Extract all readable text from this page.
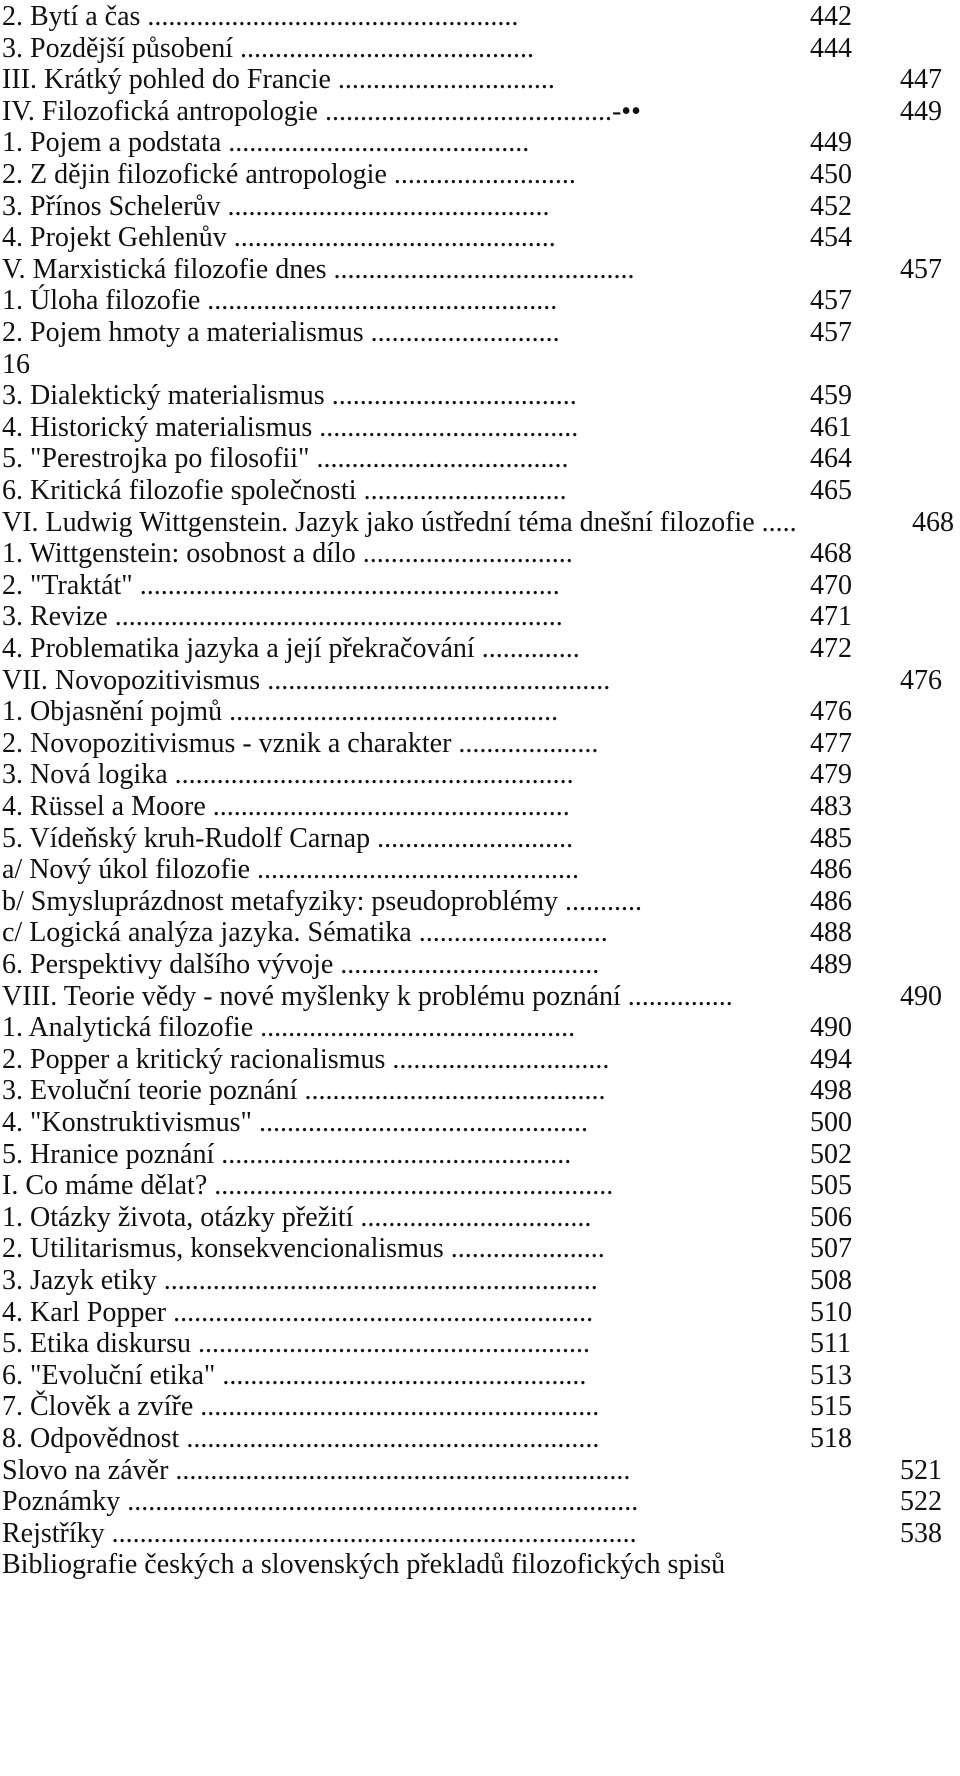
2. Bytí a čas .....................................................	442
3. Pozdější působení ..........................................	444
III. Krátký pohled do Francie ...............................	447
IV. Filozofická antropologie .........................................-••	449
1. Pojem a podstata ...........................................	449
2. Z dějin filozofické antropologie ..........................	450
3. Přínos Schelerův ..............................................	452
4. Projekt Gehlenův ..............................................	454
V. Marxistická filozofie dnes ...........................................	457
1. Úloha filozofie ..................................................	457
2. Pojem hmoty a materialismus ...........................	457
16
3. Dialektický materialismus ...................................	459
4. Historický materialismus .....................................	461
5. "Perestrojka po filosofii" ....................................	464
6. Kritická filozofie společnosti .............................	465
VI. Ludwig Wittgenstein. Jazyk jako ústřední téma dnešní filozofie .....	468
1. Wittgenstein: osobnost a dílo ..............................	468
2. "Traktát" ............................................................	470
3. Revize ................................................................	471
4. Problematika jazyka a její překračování ..............	472
VII. Novopozitivismus .................................................	476
1. Objasnění pojmů ...............................................	476
2. Novopozitivismus - vznik a charakter ....................	477
3. Nová logika .........................................................	479
4. Rüssel a Moore ...................................................	483
5. Vídeňský kruh-Rudolf Carnap ............................	485
a/ Nový úkol filozofie ..............................................	486
b/ Smysluprázdnost metafyziky: pseudoproblémy ...........	486
c/ Logická analýza jazyka. Sématika ...........................	488
6. Perspektivy dalšího vývoje .....................................	489
VIII. Teorie vědy - nové myšlenky k problému poznání ...............	490
1. Analytická filozofie .............................................	490
2. Popper a kritický racionalismus ...............................	494
3. Evoluční teorie poznání ...........................................	498
4. "Konstruktivismus" ...............................................	500
5. Hranice poznání ..................................................	502
I. Co máme dělat? .........................................................	505
1. Otázky života, otázky přežití .................................	506
2. Utilitarismus, konsekvencionalismus ......................	507
3. Jazyk etiky ..............................................................	508
4. Karl Popper ............................................................	510
5. Etika diskursu ........................................................	511
6. "Evoluční etika" ....................................................	513
7. Člověk a zvíře .........................................................	515
8. Odpovědnost ...........................................................	518
Slovo na závěr .................................................................	521
Poznámky .........................................................................	522
Rejstříky ...........................................................................	538
Bibliografie českých a slovenských překladů filozofických spisů
